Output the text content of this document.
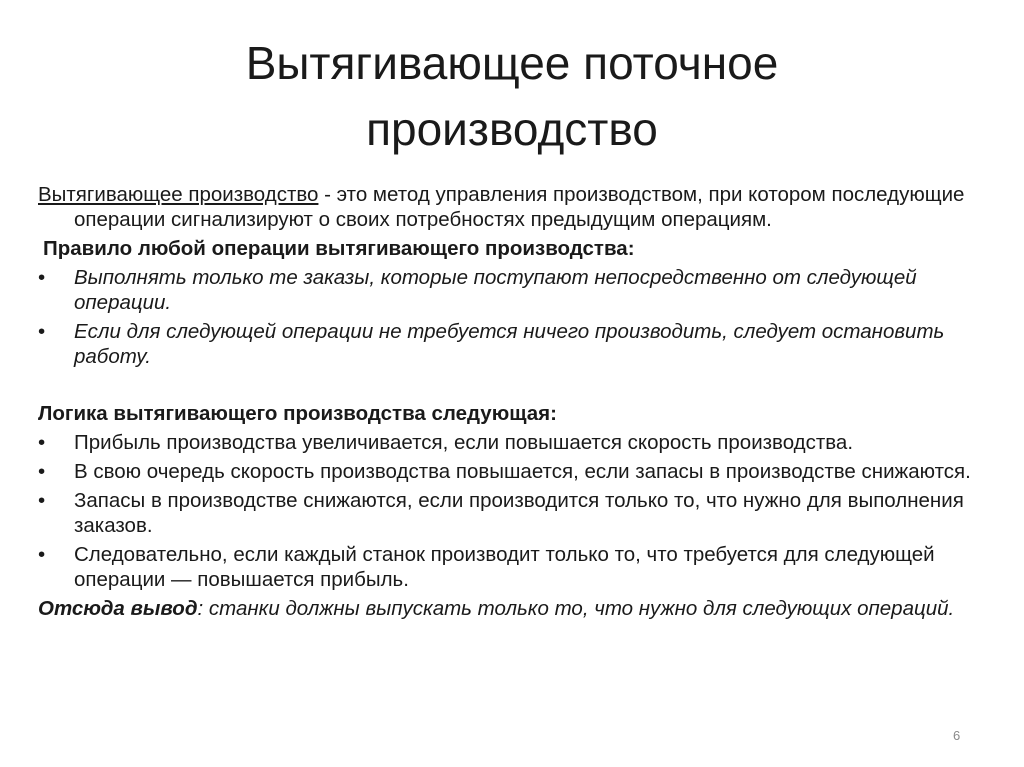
Вытягивающее поточное
производство

Вытягивающее производство - это метод управления производством, при котором последующие операции сигнализируют о своих потребностях предыдущим операциям.

Правило любой операции вытягивающего производства:
•	Выполнять только те заказы, которые поступают непосредственно от следующей операции.
•	Если для следующей операции не требуется ничего производить, следует остановить работу.
Логика вытягивающего производства следующая:
•	Прибыль производства увеличивается, если повышается скорость производства.
•	В свою очередь скорость производства повышается, если запасы в производстве снижаются.
•	Запасы в производстве снижаются, если производится только то, что нужно для выполнения заказов.
•	Следовательно, если каждый станок производит только то, что требуется для следующей операции — повышается прибыль.

Отсюда вывод: станки должны выпускать только то, что нужно для следующих операций.

6
